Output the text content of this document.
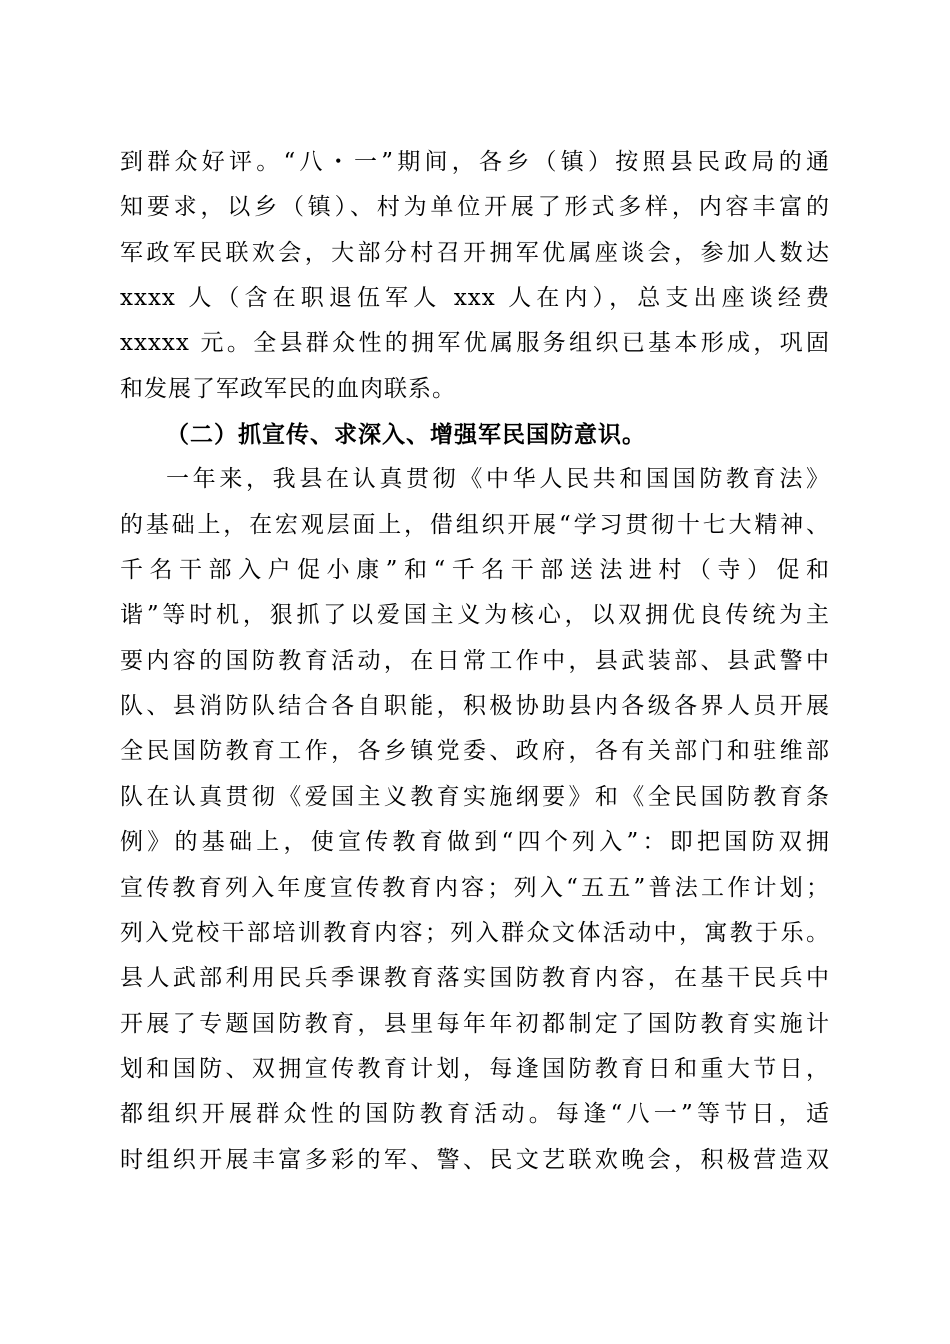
到群众好评。“八・一”期间，各乡（镇）按照县民政局的通
知要求，以乡（镇）、村为单位开展了形式多样，内容丰富的
军政军民联欢会，大部分村召开拥军优属座谈会，参加人数达
xxxx 人（含在职退伍军人 xxx 人在内），总支出座谈经费
xxxxx 元。全县群众性的拥军优属服务组织已基本形成，巩固
和发展了军政军民的血肉联系。
（二）抓宣传、求深入、增强军民国防意识。
一年来，我县在认真贯彻《中华人民共和国国防教育法》
的基础上，在宏观层面上，借组织开展“学习贯彻十七大精神、
千名干部入户促小康”和“千名干部送法进村（寺）促和
谐”等时机，狠抓了以爱国主义为核心，以双拥优良传统为主
要内容的国防教育活动，在日常工作中，县武装部、县武警中
队、县消防队结合各自职能，积极协助县内各级各界人员开展
全民国防教育工作，各乡镇党委、政府，各有关部门和驻维部
队在认真贯彻《爱国主义教育实施纲要》和《全民国防教育条
例》的基础上，使宣传教育做到“四个列入”：即把国防双拥
宣传教育列入年度宣传教育内容；列入“五五”普法工作计划；
列入党校干部培训教育内容；列入群众文体活动中，寓教于乐。
县人武部利用民兵季课教育落实国防教育内容，在基干民兵中
开展了专题国防教育，县里每年年初都制定了国防教育实施计
划和国防、双拥宣传教育计划，每逢国防教育日和重大节日，
都组织开展群众性的国防教育活动。每逢“八一”等节日，适
时组织开展丰富多彩的军、警、民文艺联欢晚会，积极营造双
